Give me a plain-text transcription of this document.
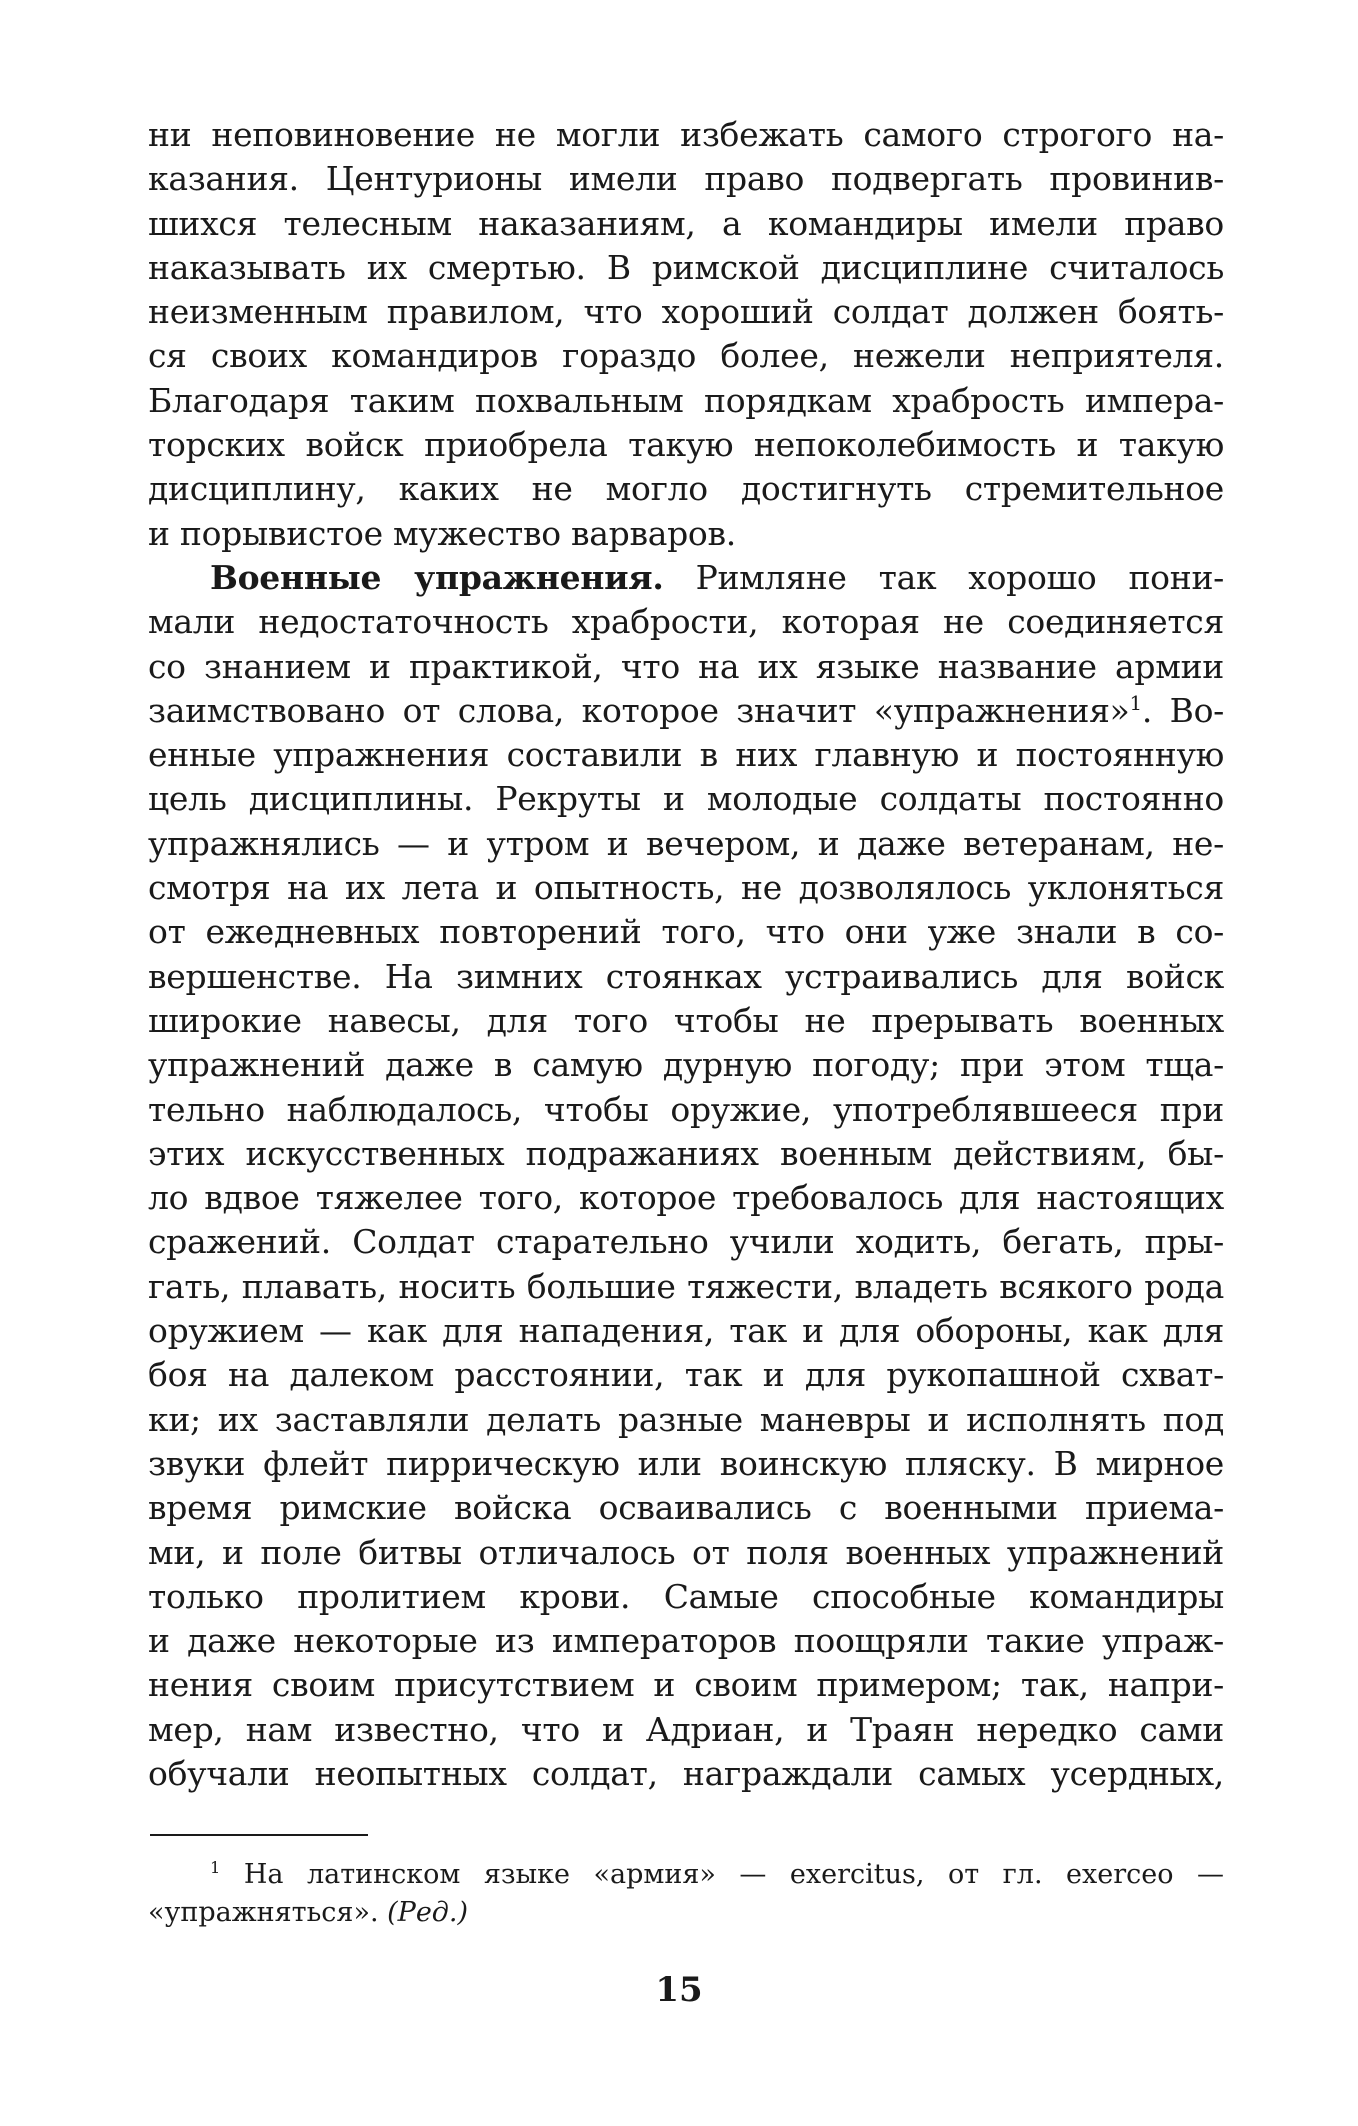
ни неповиновение не могли избежать самого строгого на-
казания. Центурионы имели право подвергать провинив-
шихся телесным наказаниям, а командиры имели право
наказывать их смертью. В римской дисциплине считалось
неизменным правилом, что хороший солдат должен боять-
ся своих командиров гораздо более, нежели неприятеля.
Благодаря таким похвальным порядкам храбрость импера-
торских войск приобрела такую непоколебимость и такую
дисциплину, каких не могло достигнуть стремительное
и порывистое мужество варваров.
Военные упражнения. Римляне так хорошо пони-
мали недостаточность храбрости, которая не соединяется
со знанием и практикой, что на их языке название армии
заимствовано от слова, которое значит «упражнения»$^1$. Во-
енные упражнения составили в них главную и постоянную
цель дисциплины. Рекруты и молодые солдаты постоянно
упражнялись — и утром и вечером, и даже ветеранам, не-
смотря на их лета и опытность, не дозволялось уклоняться
от ежедневных повторений того, что они уже знали в со-
вершенстве. На зимних стоянках устраивались для войск
широкие навесы, для того чтобы не прерывать военных
упражнений даже в самую дурную погоду; при этом тща-
тельно наблюдалось, чтобы оружие, употреблявшееся при
этих искусственных подражаниях военным действиям, бы-
ло вдвое тяжелее того, которое требовалось для настоящих
сражений. Солдат старательно учили ходить, бегать, пры-
гать, плавать, носить большие тяжести, владеть всякого рода
оружием — как для нападения, так и для обороны, как для
боя на далеком расстоянии, так и для рукопашной схват-
ки; их заставляли делать разные маневры и исполнять под
звуки флейт пиррическую или воинскую пляску. В мирное
время римские войска осваивались с военными приема-
ми, и поле битвы отличалось от поля военных упражнений
только пролитием крови. Самые способные командиры
и даже некоторые из императоров поощряли такие упраж-
нения своим присутствием и своим примером; так, напри-
мер, нам известно, что и Адриан, и Траян нередко сами
обучали неопытных солдат, награждали самых усердных,
$^1$ На латинском языке «армия» — exercitus, от гл. exerceo —
«упражняться». (Ред.)
15
